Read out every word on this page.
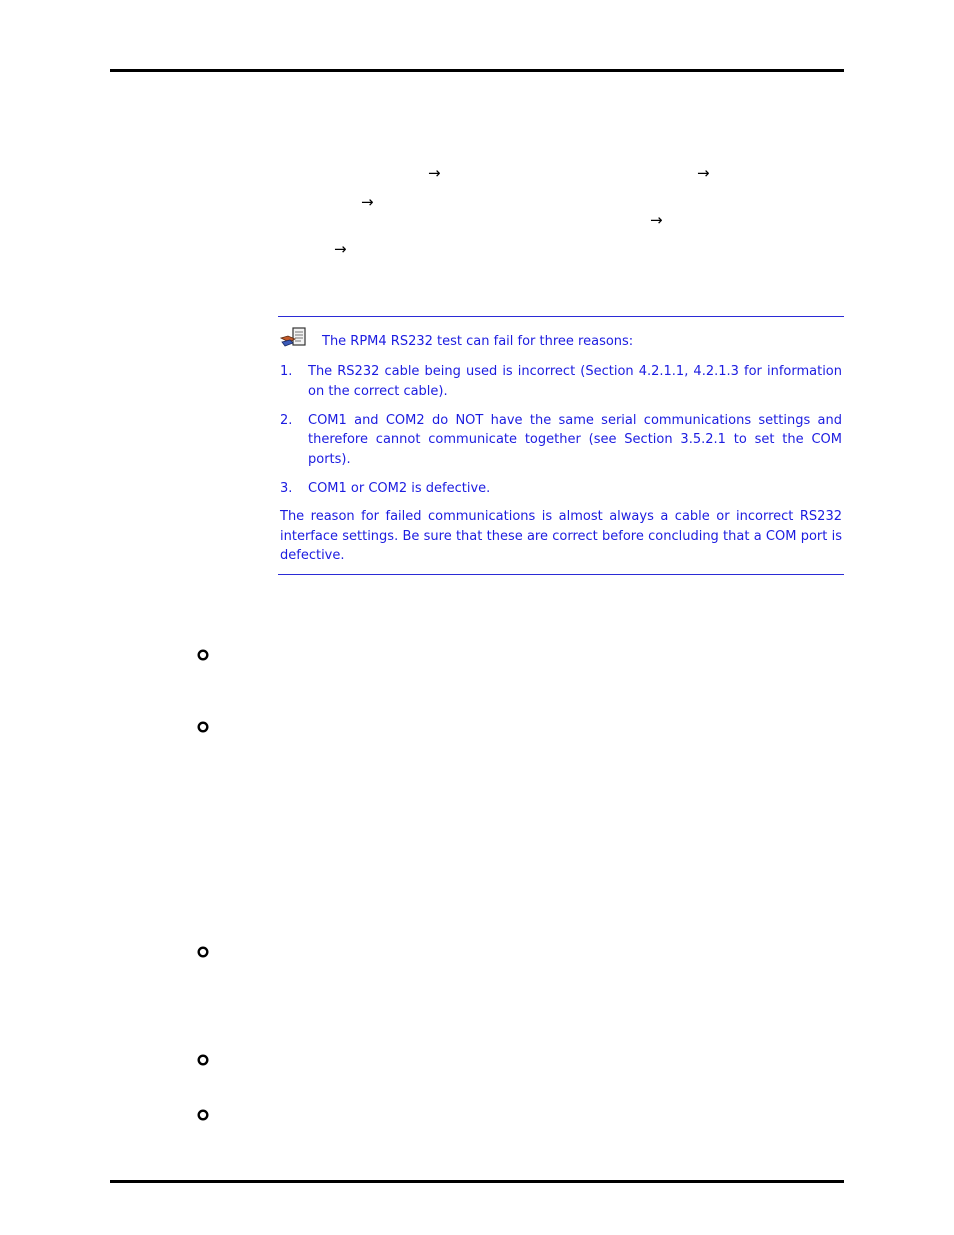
→	→
→
→
→
The RPM4 RS232 test can fail for three reasons:
1. The RS232 cable being used is incorrect (Section 4.2.1.1, 4.2.1.3 for information on the correct cable).
2. COM1 and COM2 do NOT have the same serial communications settings and therefore cannot communicate together (see Section 3.5.2.1 to set the COM ports).
3. COM1 or COM2 is defective.
The reason for failed communications is almost always a cable or incorrect RS232 interface settings. Be sure that these are correct before concluding that a COM port is defective.
